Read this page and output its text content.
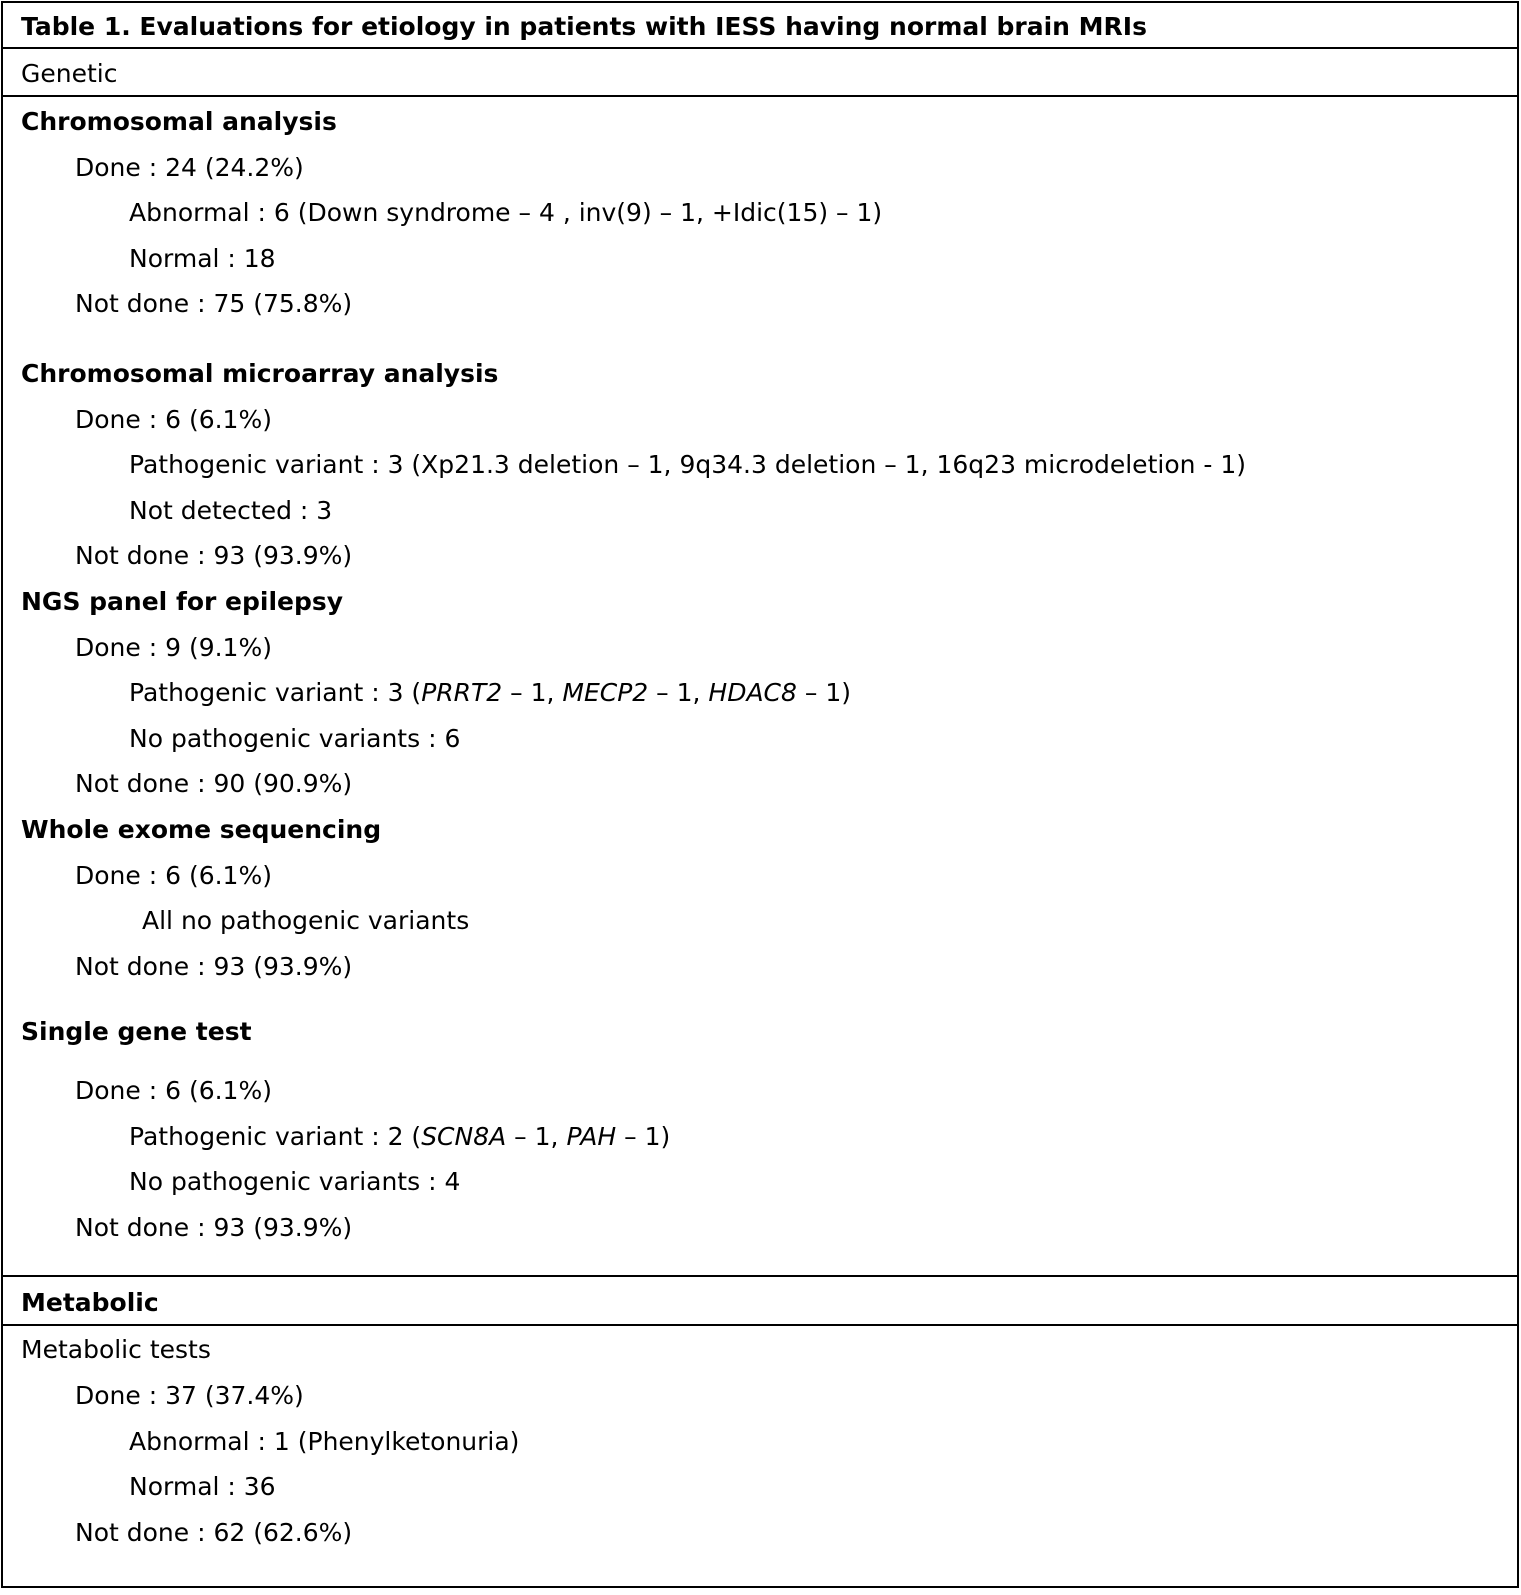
Table 1. Evaluations for etiology in patients with IESS having normal brain MRIs
Genetic
Chromosomal analysis
Done : 24 (24.2%)
Abnormal : 6 (Down syndrome – 4 , inv(9) – 1, +Idic(15) – 1)
Normal : 18
Not done : 75 (75.8%)
Chromosomal microarray analysis
Done : 6 (6.1%)
Pathogenic variant : 3 (Xp21.3 deletion – 1, 9q34.3 deletion – 1, 16q23 microdeletion - 1)
Not detected : 3
Not done : 93 (93.9%)
NGS panel for epilepsy
Done : 9 (9.1%)
Pathogenic variant : 3 (PRRT2 – 1, MECP2 – 1, HDAC8 – 1)
No pathogenic variants : 6
Not done : 90 (90.9%)
Whole exome sequencing
Done : 6 (6.1%)
All no pathogenic variants
Not done : 93 (93.9%)
Single gene test
Done : 6 (6.1%)
Pathogenic variant : 2 (SCN8A – 1, PAH – 1)
No pathogenic variants : 4
Not done : 93 (93.9%)
Metabolic
Metabolic tests
Done : 37 (37.4%)
Abnormal : 1 (Phenylketonuria)
Normal : 36
Not done : 62 (62.6%)
